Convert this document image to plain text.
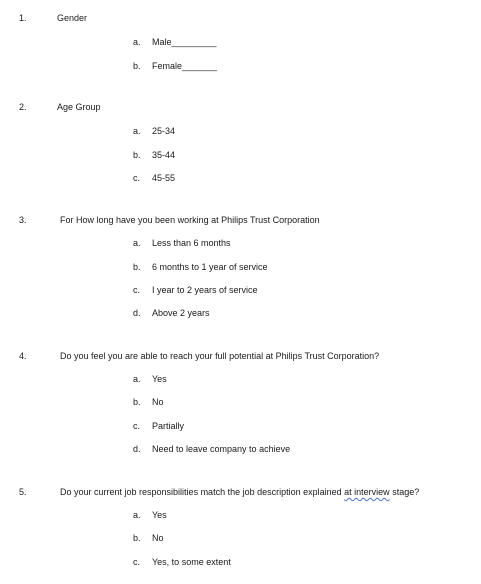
1.	Gender
a. Male_________
b. Female_______
2.	Age Group
a. 25-34
b. 35-44
c. 45-55
3.	For How long have you been working at Philips Trust Corporation
a. Less than 6 months
b. 6 months to 1 year of service
c. I year to 2 years of service
d. Above 2 years
4.	Do you feel you are able to reach your full potential at Philips Trust Corporation?
a. Yes
b. No
c. Partially
d. Need to leave company to achieve
5.	Do your current job responsibilities match the job description explained at interview stage?
a. Yes
b. No
c. Yes, to some extent
